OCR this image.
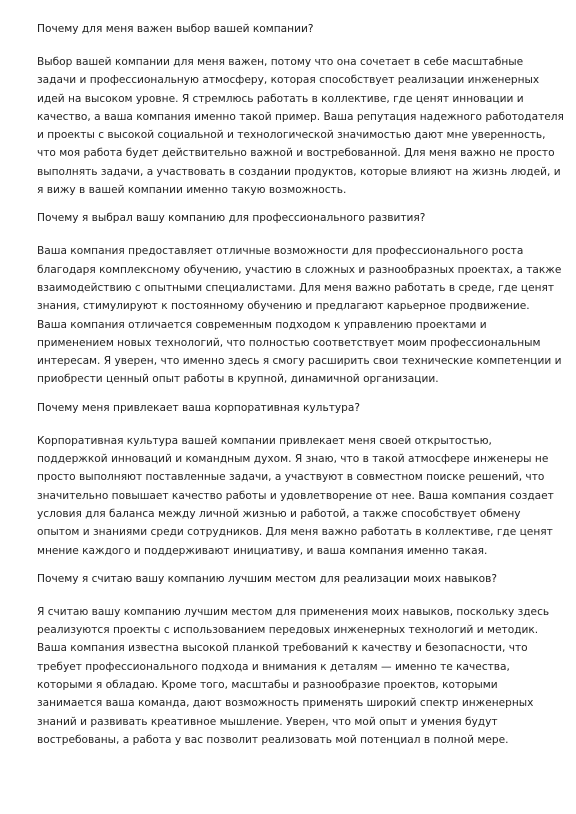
Почему для меня важен выбор вашей компании?

Выбор вашей компании для меня важен, потому что она сочетает в себе масштабные
задачи и профессиональную атмосферу, которая способствует реализации инженерных
идей на высоком уровне. Я стремлюсь работать в коллективе, где ценят инновации и
качество, а ваша компания именно такой пример. Ваша репутация надежного работодателя
и проекты с высокой социальной и технологической значимостью дают мне уверенность,
что моя работа будет действительно важной и востребованной. Для меня важно не просто
выполнять задачи, а участвовать в создании продуктов, которые влияют на жизнь людей, и
я вижу в вашей компании именно такую возможность.

Почему я выбрал вашу компанию для профессионального развития?

Ваша компания предоставляет отличные возможности для профессионального роста
благодаря комплексному обучению, участию в сложных и разнообразных проектах, а также
взаимодействию с опытными специалистами. Для меня важно работать в среде, где ценят
знания, стимулируют к постоянному обучению и предлагают карьерное продвижение.
Ваша компания отличается современным подходом к управлению проектами и
применением новых технологий, что полностью соответствует моим профессиональным
интересам. Я уверен, что именно здесь я смогу расширить свои технические компетенции и
приобрести ценный опыт работы в крупной, динамичной организации.

Почему меня привлекает ваша корпоративная культура?

Корпоративная культура вашей компании привлекает меня своей открытостью,
поддержкой инноваций и командным духом. Я знаю, что в такой атмосфере инженеры не
просто выполняют поставленные задачи, а участвуют в совместном поиске решений, что
значительно повышает качество работы и удовлетворение от нее. Ваша компания создает
условия для баланса между личной жизнью и работой, а также способствует обмену
опытом и знаниями среди сотрудников. Для меня важно работать в коллективе, где ценят
мнение каждого и поддерживают инициативу, и ваша компания именно такая.

Почему я считаю вашу компанию лучшим местом для реализации моих навыков?

Я считаю вашу компанию лучшим местом для применения моих навыков, поскольку здесь
реализуются проекты с использованием передовых инженерных технологий и методик.
Ваша компания известна высокой планкой требований к качеству и безопасности, что
требует профессионального подхода и внимания к деталям — именно те качества,
которыми я обладаю. Кроме того, масштабы и разнообразие проектов, которыми
занимается ваша команда, дают возможность применять широкий спектр инженерных
знаний и развивать креативное мышление. Уверен, что мой опыт и умения будут
востребованы, а работа у вас позволит реализовать мой потенциал в полной мере.
